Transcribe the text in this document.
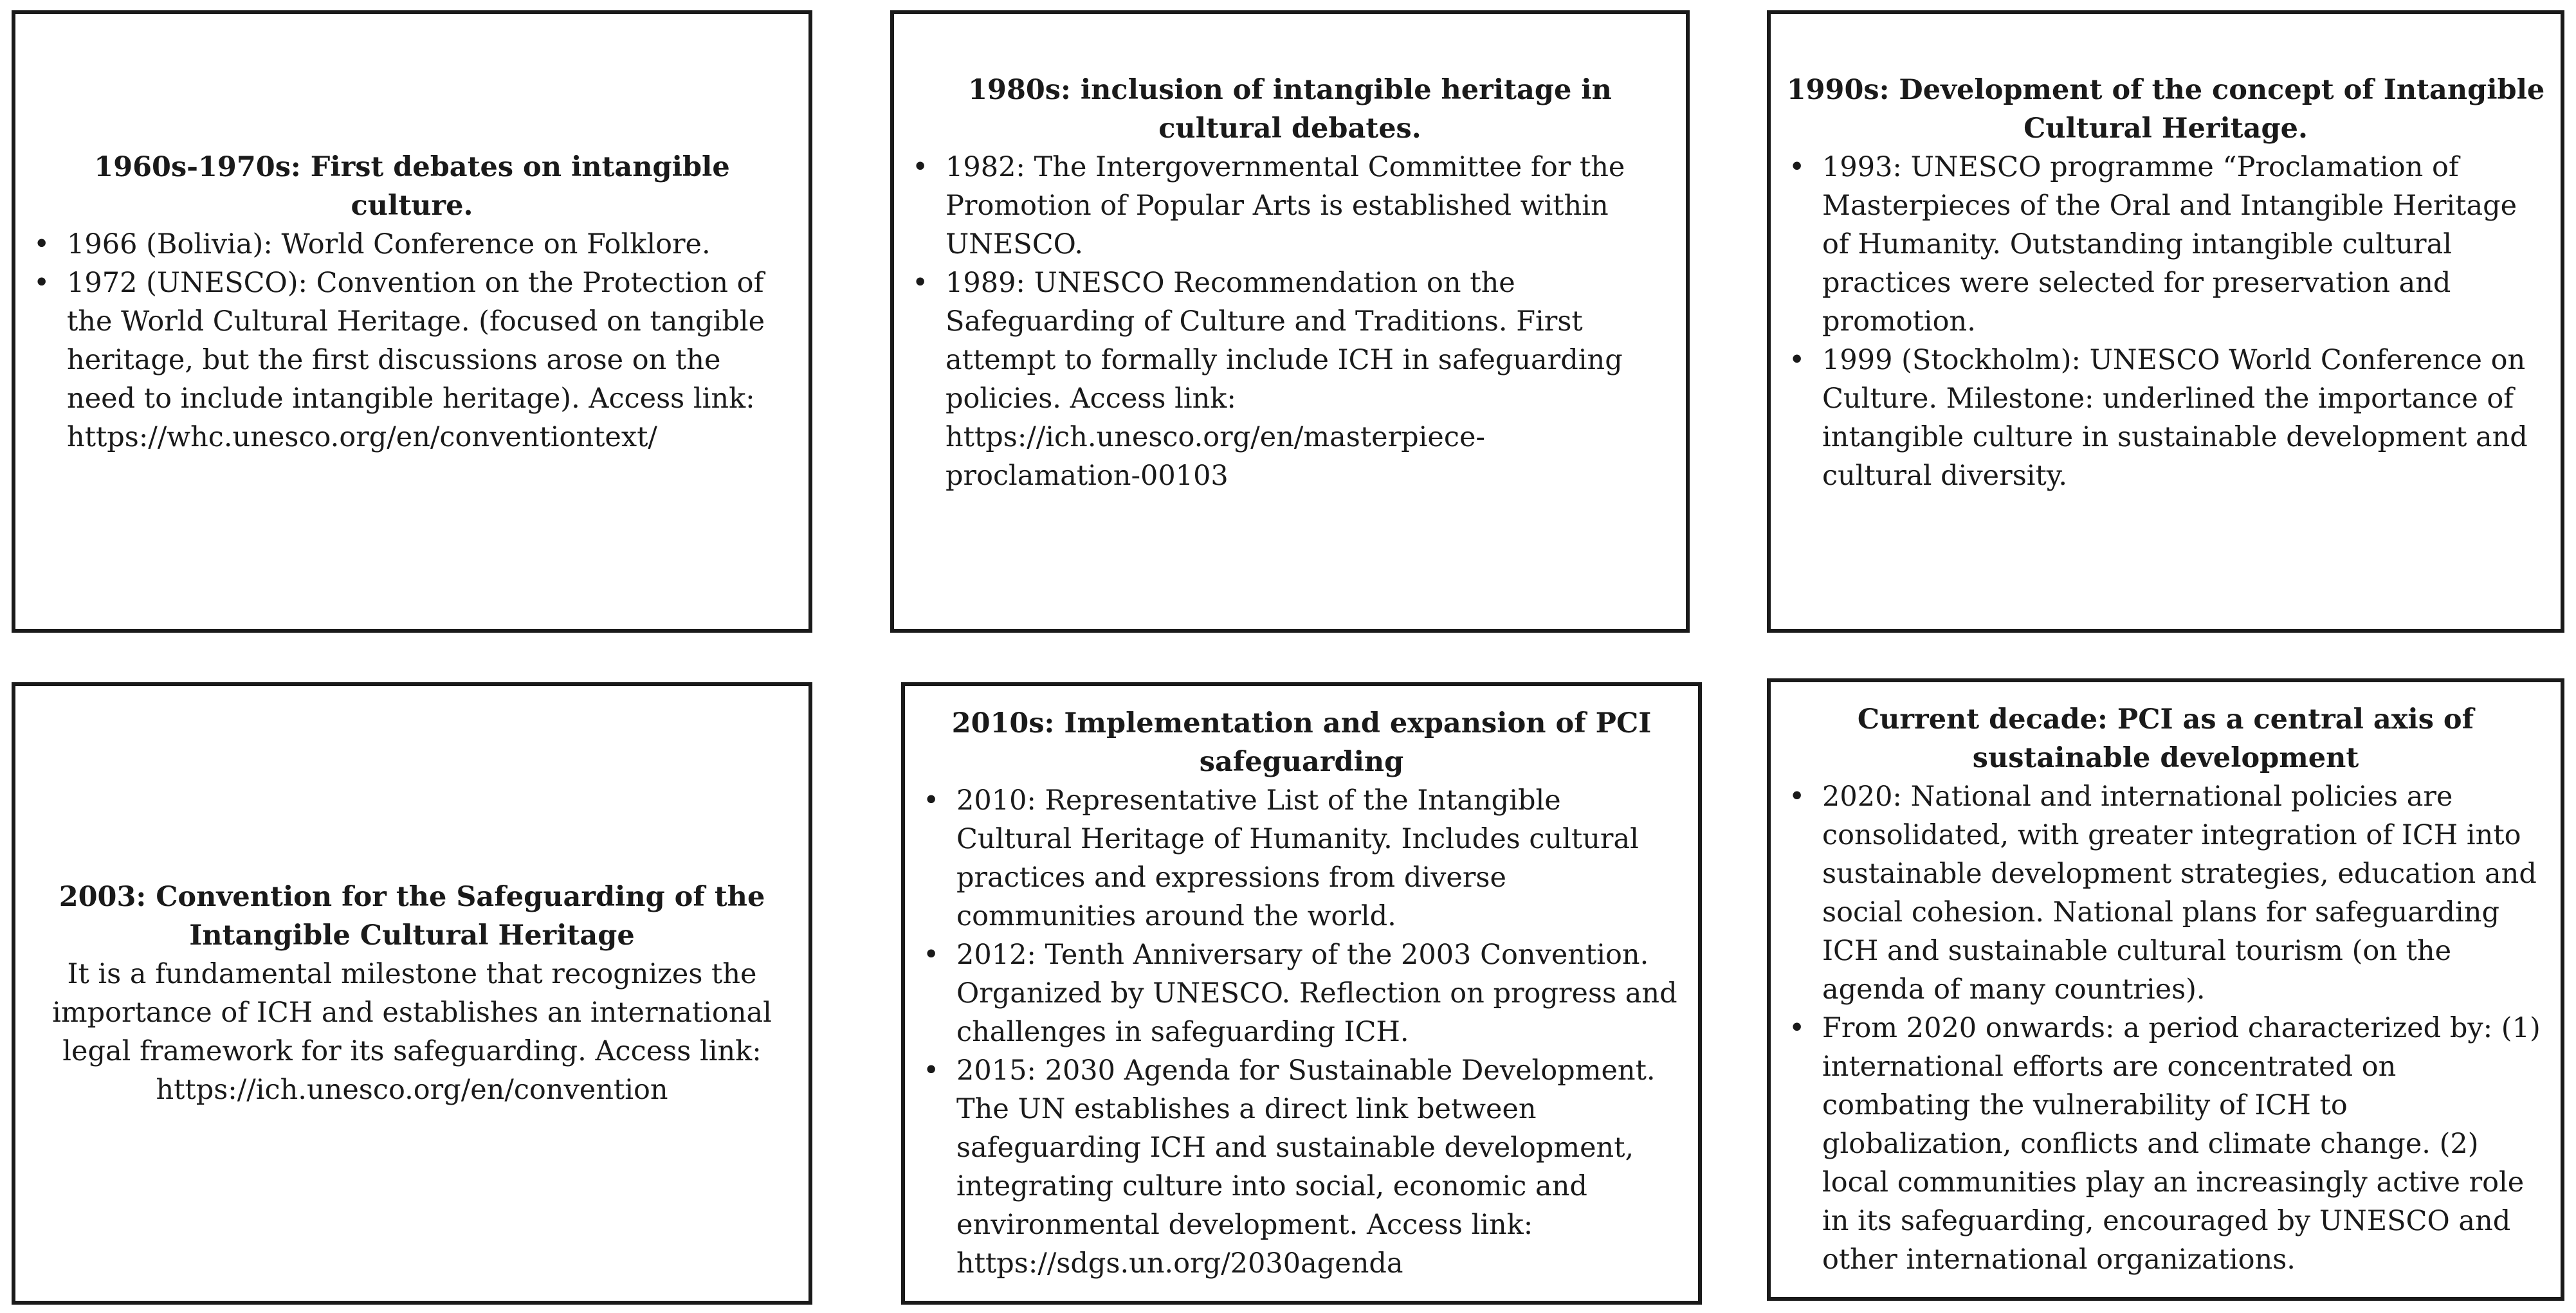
1960s-1970s: First debates on intangible culture.

• 1966 (Bolivia): World Conference on Folklore.
• 1972 (UNESCO): Convention on the Protection of the World Cultural Heritage. (focused on tangible heritage, but the first discussions arose on the need to include intangible heritage). Access link: https://whc.unesco.org/en/conventiontext/

1980s: inclusion of intangible heritage in cultural debates.

• 1982: The Intergovernmental Committee for the Promotion of Popular Arts is established within UNESCO.
• 1989: UNESCO Recommendation on the Safeguarding of Culture and Traditions. First attempt to formally include ICH in safeguarding policies. Access link: https://ich.unesco.org/en/masterpiece-proclamation-00103

1990s: Development of the concept of Intangible Cultural Heritage.

• 1993: UNESCO programme “Proclamation of Masterpieces of the Oral and Intangible Heritage of Humanity. Outstanding intangible cultural practices were selected for preservation and promotion.
• 1999 (Stockholm): UNESCO World Conference on Culture. Milestone: underlined the importance of intangible culture in sustainable development and cultural diversity.

2003: Convention for the Safeguarding of the Intangible Cultural Heritage

It is a fundamental milestone that recognizes the importance of ICH and establishes an international legal framework for its safeguarding. Access link: https://ich.unesco.org/en/convention

2010s: Implementation and expansion of PCI safeguarding

• 2010: Representative List of the Intangible Cultural Heritage of Humanity. Includes cultural practices and expressions from diverse communities around the world.
• 2012: Tenth Anniversary of the 2003 Convention. Organized by UNESCO. Reflection on progress and challenges in safeguarding ICH.
• 2015: 2030 Agenda for Sustainable Development. The UN establishes a direct link between safeguarding ICH and sustainable development, integrating culture into social, economic and environmental development. Access link: https://sdgs.un.org/2030agenda

Current decade: PCI as a central axis of sustainable development

• 2020: National and international policies are consolidated, with greater integration of ICH into sustainable development strategies, education and social cohesion. National plans for safeguarding ICH and sustainable cultural tourism (on the agenda of many countries).
• From 2020 onwards: a period characterized by: (1) international efforts are concentrated on combating the vulnerability of ICH to globalization, conflicts and climate change. (2) local communities play an increasingly active role in its safeguarding, encouraged by UNESCO and other international organizations.
